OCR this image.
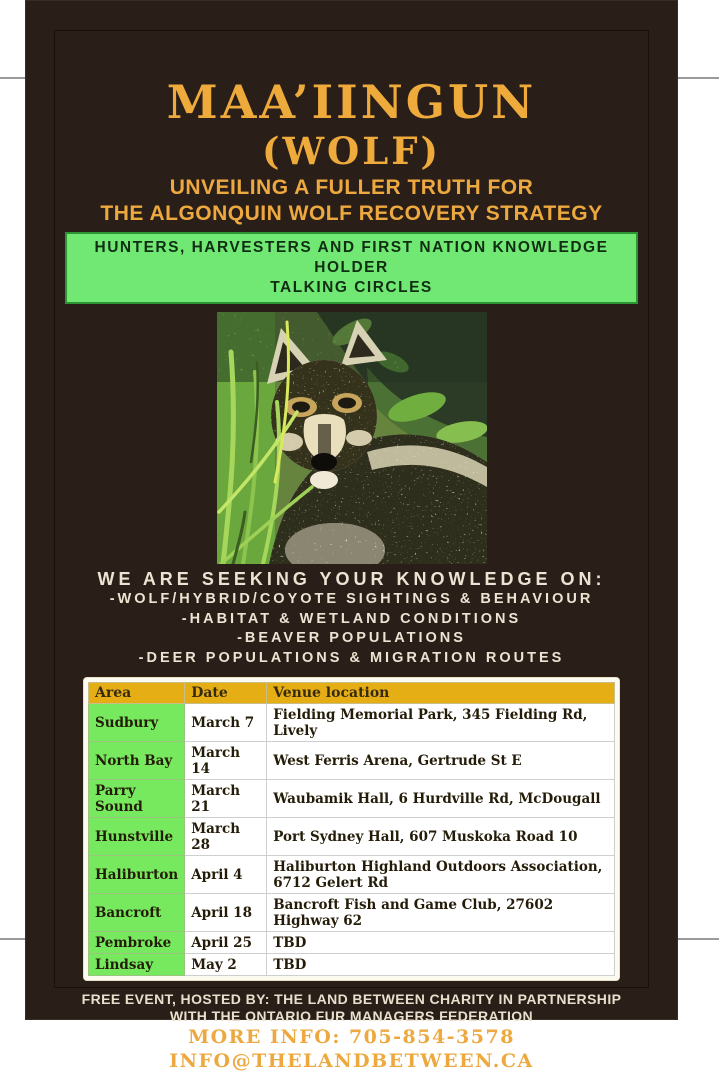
MAA’IINGUN
(WOLF)

UNVEILING A FULLER TRUTH FOR

THE ALGONQUIN WOLF RECOVERY STRATEGY

HUNTERS, HARVESTERS AND FIRST NATION KNOWLEDGE HOLDER
TALKING CIRCLES

WE ARE SEEKING YOUR KNOWLEDGE ON:

-WOLF/HYBRID/COYOTE SIGHTINGS & BEHAVIOUR

-HABITAT & WETLAND CONDITIONS

-BEAVER POPULATIONS

-DEER POPULATIONS & MIGRATION ROUTES

Area	Date	Venue location
Sudbury	March 7	Fielding Memorial Park, 345 Fielding Rd, Lively
North Bay	March 14	West Ferris Arena, Gertrude St E
Parry Sound	March 21	Waubamik Hall, 6 Hurdville Rd, McDougall
Hunstville	March 28	Port Sydney Hall, 607 Muskoka Road 10
Haliburton	April 4	Haliburton Highland Outdoors Association, 6712 Gelert Rd
Bancroft	April 18	Bancroft Fish and Game Club, 27602 Highway 62
Pembroke	April 25	TBD
Lindsay	May 2	TBD

FREE EVENT, HOSTED BY: THE LAND BETWEEN CHARITY IN PARTNERSHIP

WITH THE ONTARIO FUR MANAGERS FEDERATION

MORE INFO: 705-854-3578

INFO@THELANDBETWEEN.CA
